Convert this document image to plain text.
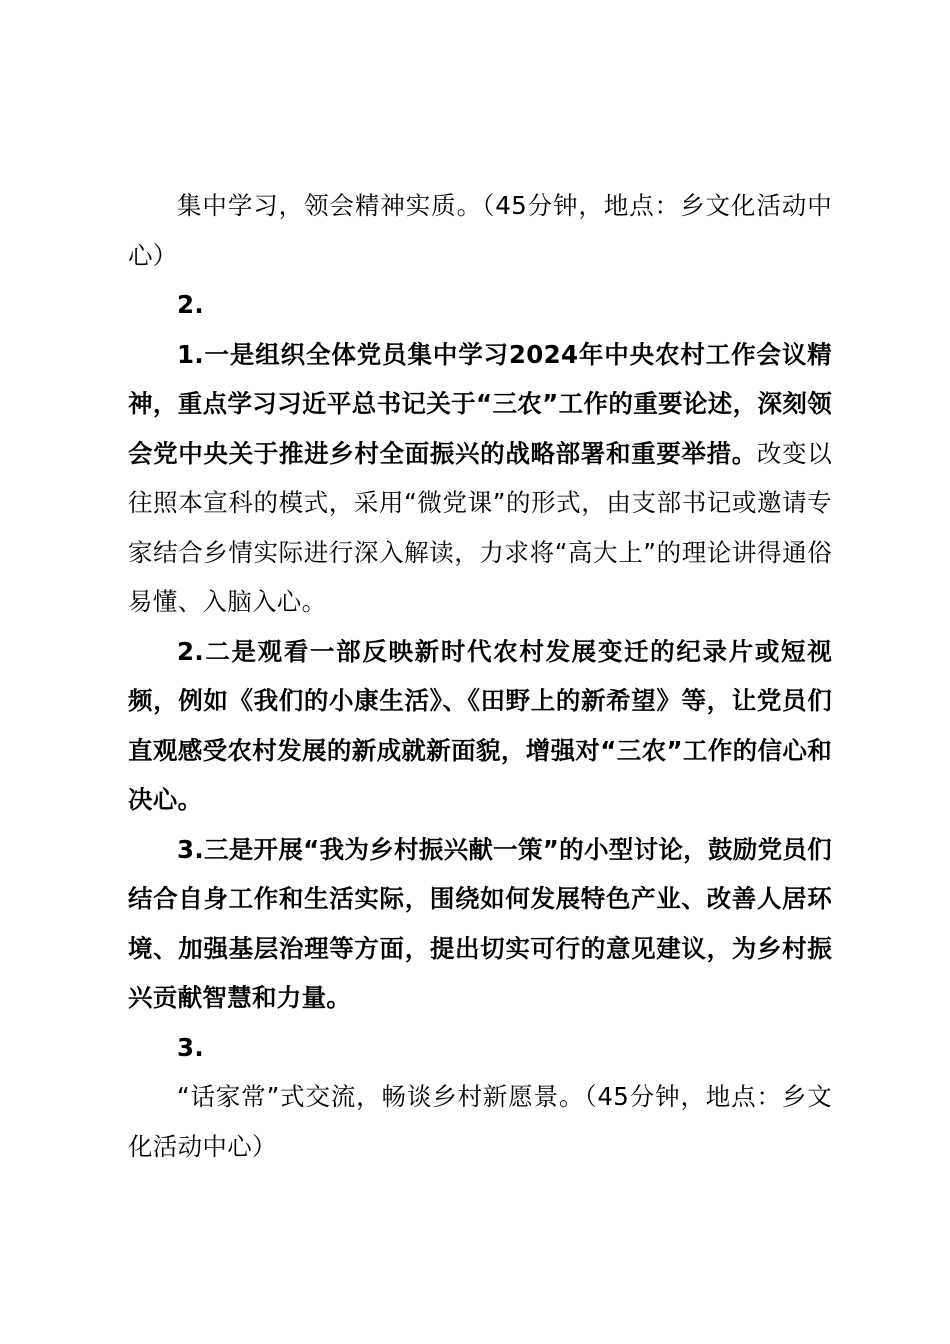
集中学习，领会精神实质。（45分钟，地点：乡文化活动中心）

2.

1.一是组织全体党员集中学习2024年中央农村工作会议精神，重点学习习近平总书记关于“三农”工作的重要论述，深刻领会党中央关于推进乡村全面振兴的战略部署和重要举措。改变以往照本宣科的模式，采用“微党课”的形式，由支部书记或邀请专家结合乡情实际进行深入解读，力求将“高大上”的理论讲得通俗易懂、入脑入心。

2.二是观看一部反映新时代农村发展变迁的纪录片或短视频，例如《我们的小康生活》、《田野上的新希望》等，让党员们直观感受农村发展的新成就新面貌，增强对“三农”工作的信心和决心。

3.三是开展“我为乡村振兴献一策”的小型讨论，鼓励党员们结合自身工作和生活实际，围绕如何发展特色产业、改善人居环境、加强基层治理等方面，提出切实可行的意见建议，为乡村振兴贡献智慧和力量。

3.

“话家常”式交流，畅谈乡村新愿景。（45分钟，地点：乡文化活动中心）
